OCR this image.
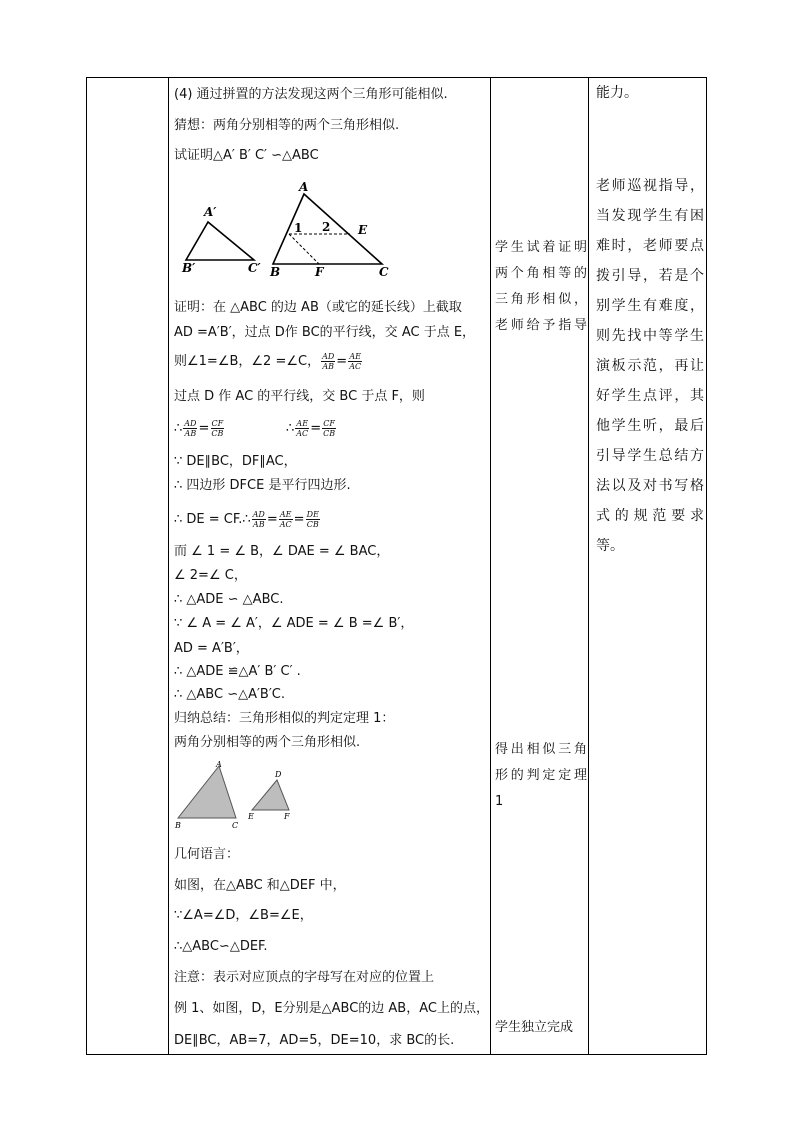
(4) 通过拼置的方法发现这两个三角形可能相似.
猜想：两角分别相等的两个三角形相似.
试证明△A′ B′ C′ ∽△ABC
A′
B′	C′
A
B	C
1 2 E
F
证明：在 △ABC 的边 AB（或它的延长线）上截取
AD =A′B′，过点 D作 BC的平行线，交 AC 于点 E，
则∠1=∠B，∠2 =∠C， $\frac{AD}{AB} = \frac{AE}{AC}$
过点 D 作 AC 的平行线，交 BC 于点 F，则
∴ $\frac{AD}{AB} = \frac{CF}{CB}$	∴ $\frac{AE}{AC} = \frac{CF}{CB}$
∵ DE∥BC，DF∥AC，
∴ 四边形 DFCE 是平行四边形.
∴ DE = CF.∴ $\frac{AD}{AB} = \frac{AE}{AC} = \frac{DE}{CB}$
而 ∠ 1 = ∠ B，∠ DAE = ∠ BAC，
∠ 2=∠ C，
∴ △ADE ∽ △ABC.
∵ ∠ A = ∠ A′，∠ ADE = ∠ B =∠ B′，
AD = A′B′，
∴ △ADE ≌△A′ B′ C′ .
∴ △ABC ∽△A′B′C.
归纳总结：三角形相似的判定定理 1：
两角分别相等的两个三角形相似.
A
B	C
D
E	F
几何语言：
如图，在△ABC 和△DEF 中，
∵∠A=∠D，∠B=∠E，
∴△ABC∽△DEF.
注意：表示对应顶点的字母写在对应的位置上
例 1、如图，D，E分别是△ABC的边 AB，AC上的点，
DE∥BC，AB=7，AD=5，DE=10，求 BC的长.
学生试着证明
两个角相等的
三角形相似，
老师给予指导
得出相似三角
形的判定定理
1
学生独立完成
能力。
老师巡视指导，
当发现学生有困
难时，老师要点
拨引导，若是个
别学生有难度，
则先找中等学生
演板示范，再让
好学生点评，其
他学生听，最后
引导学生总结方
法以及对书写格
式 的 规 范 要 求
等。
